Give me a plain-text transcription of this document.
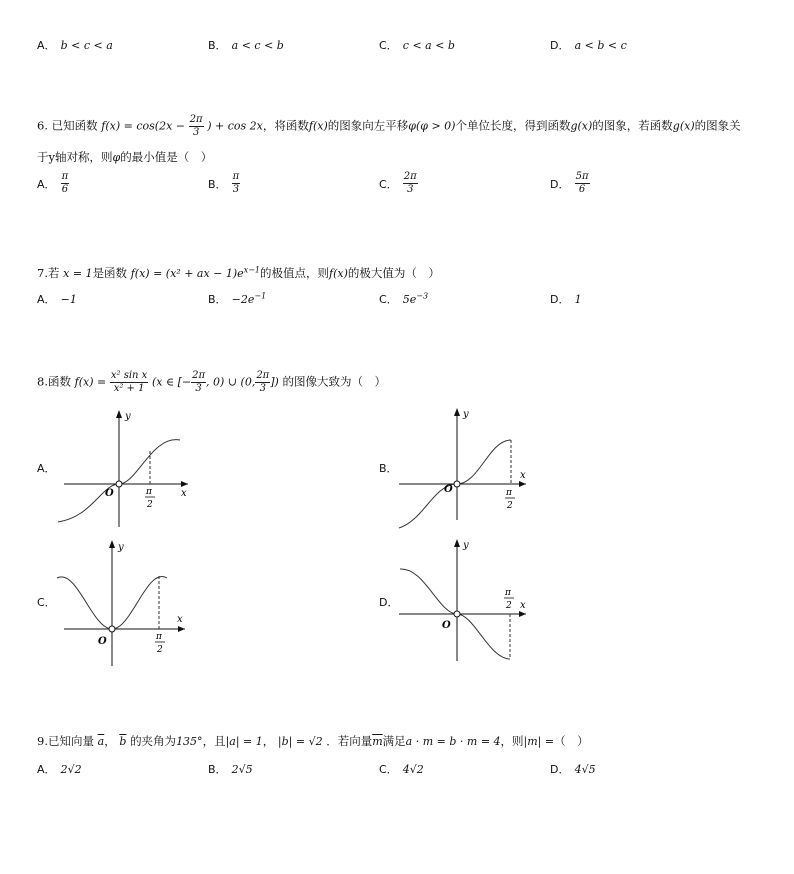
A． b < c < a	B． a < c < b	C． c < a < b	D． a < b < c
6. 已知函数 $f(x) = \cos(2x - \frac{2\pi}{3}$ ) + cos 2x，将函数f(x)的图象向左平移φ(φ > 0)个单位长度，得到函数g(x)的图象，若函数g(x)的图象关
于y轴对称，则φ的最小值是（　）
A． $\frac{\pi}{6}$	B． $\frac{\pi}{3}$	C． $\frac{2\pi}{3}$	D． $\frac{5\pi}{6}$
7.若 x = 1是函数 f(x) = (x² + ax − $1)e^{x-1}$的极值点，则f(x)的极大值为（　）
A． −1	B． $-2e^{-1}$	C． $5e^{-3}$	D． 1
8.函数 $f(x) = \frac{\text{x² sin x}}{\text{x² + 1}} (x$ ∈ [− $\frac{2\pi}{3}$ , 0) ∪ (0, $\frac{2\pi}{3}$ ]) 的图像大致为（　）
A．
O	x
y
π
2
B．
O
x
y
π
2
C．
O
x
y
π
2
D．
O
x
y
π
2
9.已知向量 $\overline{a}$， $\overline{b}$ 的夹角为135°，且|a| = 1， |b| = √2 ．若向量$\overline{m}$满足a · m = b · m = 4，则|m| =（　）
A． 2√2	B． 2√5	C． 4√2	D． 4√5
